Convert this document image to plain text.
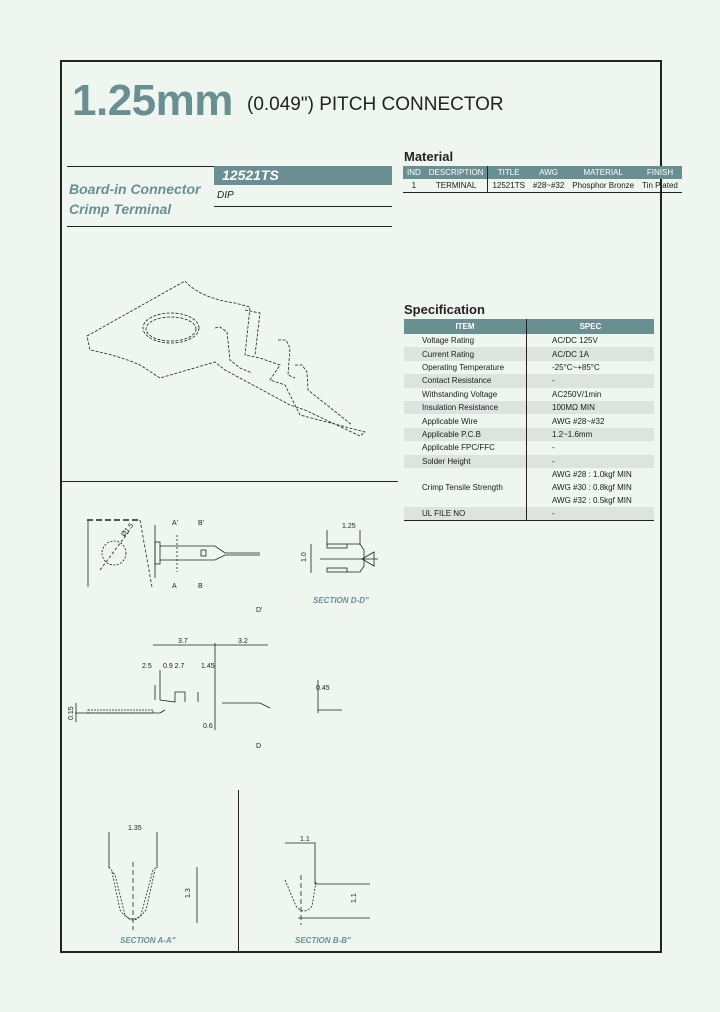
1.25mm (0.049") PITCH CONNECTOR
Board-in Connector
Crimp Terminal
12521TS
DIP
Material
IND	DESCRIPTION	TITLE	AWG	MATERIAL	FINISH
1	TERMINAL	12521TS	#28~#32	Phosphor Bronze	Tin Plated
Specification
ITEM	SPEC
Voltage Rating	AC/DC 125V
Current Rating	AC/DC 1A
Operating Temperature	-25°C~+85°C
Contact Resistance	-
Withstanding Voltage	AC250V/1min
Insulation Resistance	100MΩ MIN
Applicable Wire	AWG #28~#32
Applicable P.C.B	1.2~1.6mm
Applicable FPC/FFC	-
Solder Height	-
Crimp Tensile Strength	AWG #28 : 1.0kgf MIN
AWG #30 : 0.8kgf MIN
AWG #32 : 0.5kgf MIN

UL FILE NO	-
Ø1.5	A'	B'
A	B
1.25
1.0
SECTION D-D"
3.7	3.2
2.5 0.9 2.7 1.45
0.6
0.15
D'
D
0.45
1.35
1.3
SECTION A-A"
1.1
1.1
SECTION B-B"
